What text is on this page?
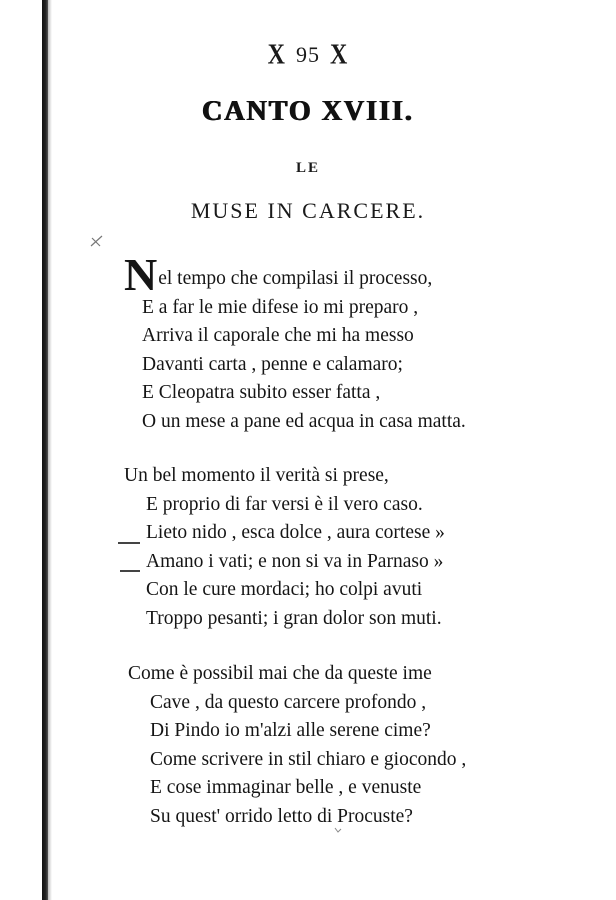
X 95 X
CANTO XVIII.
LE
MUSE IN CARCERE.
Nel tempo che compilasi il processo,
E a far le mie difese io mi preparo ,
Arriva il caporale che mi ha messo
Davanti carta , penne e calamaro;
E Cleopatra subito esser fatta ,
O un mese a pane ed acqua in casa matta.
Un bel momento il verità si prese,
E proprio di far versi è il vero caso.
Lieto nido , esca dolce , aura cortese »
Amano i vati; e non si va in Parnaso »
Con le cure mordaci; ho colpi avuti
Troppo pesanti; i gran dolor son muti.
Come è possibil mai che da queste ime
Cave , da questo carcere profondo ,
Di Pindo io m'alzi alle serene cime?
Come scrivere in stil chiaro e giocondo ,
E cose immaginar belle , e venuste
Su quest' orrido letto di Procuste?
